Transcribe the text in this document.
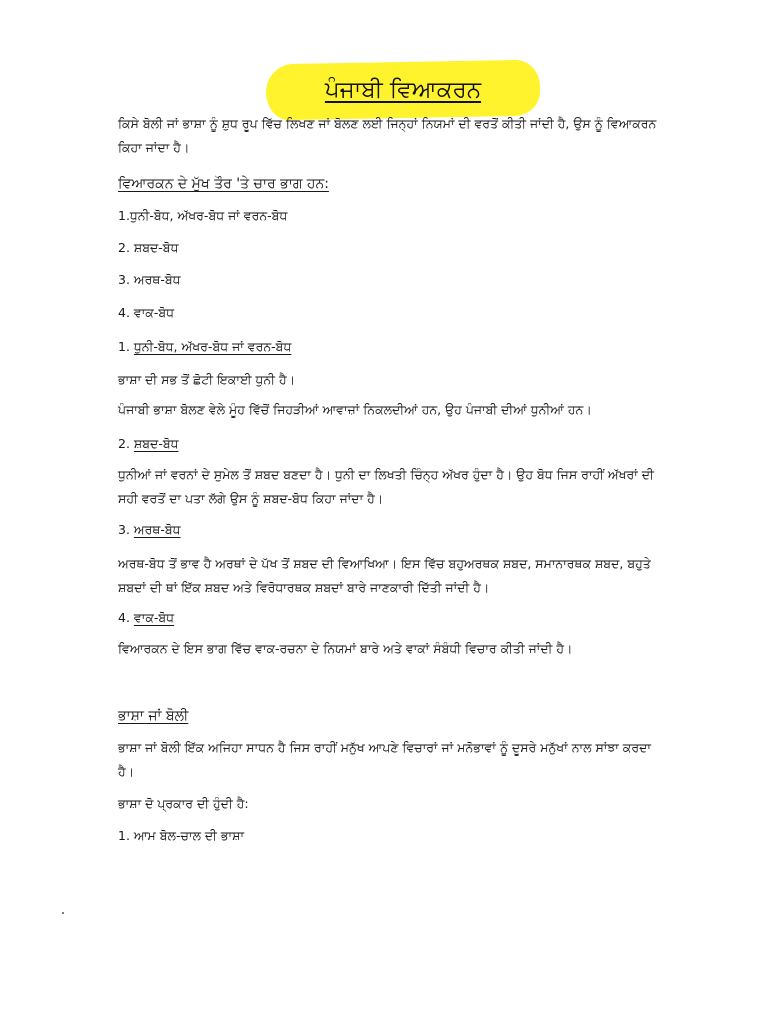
ਪੰਜਾਬੀ ਵਿਆਕਰਨ
ਕਿਸੇ ਬੋਲੀ ਜਾਂ ਭਾਸ਼ਾ ਨੂੰ ਸ਼ੁਧ ਰੂਪ ਵਿੱਚ ਲਿਖਣ ਜਾਂ ਬੋਲਣ ਲਈ ਜਿਨ੍ਹਾਂ ਨਿਯਮਾਂ ਦੀ ਵਰਤੋਂ ਕੀਤੀ ਜਾਂਦੀ ਹੈ, ਉਸ ਨੂੰ ਵਿਆਕਰਨ ਕਿਹਾ ਜਾਂਦਾ ਹੈ।
ਵਿਆਰਕਨ ਦੇ ਮੁੱਖ ਤੌਰ 'ਤੇ ਚਾਰ ਭਾਗ ਹਨ:
1.ਧੁਨੀ-ਬੋਧ, ਅੱਖਰ-ਬੋਧ ਜਾਂ ਵਰਨ-ਬੋਧ
2. ਸ਼ਬਦ-ਬੋਧ
3. ਅਰਥ-ਬੋਧ
4. ਵਾਕ-ਬੋਧ
1. ਧੁਨੀ-ਬੋਧ, ਅੱਖਰ-ਬੋਧ ਜਾਂ ਵਰਨ-ਬੋਧ
ਭਾਸ਼ਾ ਦੀ ਸਭ ਤੋਂ ਛੋਟੀ ਇਕਾਈ ਧੁਨੀ ਹੈ।
ਪੰਜਾਬੀ ਭਾਸ਼ਾ ਬੋਲਣ ਵੇਲੇ ਮੂੰਹ ਵਿੱਚੋਂ ਜਿਹੜੀਆਂ ਆਵਾਜ਼ਾਂ ਨਿਕਲਦੀਆਂ ਹਨ, ਉਹ ਪੰਜਾਬੀ ਦੀਆਂ ਧੁਨੀਆਂ ਹਨ।
2. ਸ਼ਬਦ-ਬੋਧ
ਧੁਨੀਆਂ ਜਾਂ ਵਰਨਾਂ ਦੇ ਸੁਮੇਲ ਤੋਂ ਸ਼ਬਦ ਬਣਦਾ ਹੈ। ਧੁਨੀ ਦਾ ਲਿਖਤੀ ਚਿੰਨ੍ਹ ਅੱਖਰ ਹੁੰਦਾ ਹੈ। ਉਹ ਬੋਧ ਜਿਸ ਰਾਹੀਂ ਅੱਖਰਾਂ ਦੀ ਸਹੀ ਵਰਤੋਂ ਦਾ ਪਤਾ ਲੱਗੇ ਉਸ ਨੂੰ ਸ਼ਬਦ-ਬੋਧ ਕਿਹਾ ਜਾਂਦਾ ਹੈ।
3. ਅਰਥ-ਬੋਧ
ਅਰਥ-ਬੋਧ ਤੋਂ ਭਾਵ ਹੈ ਅਰਥਾਂ ਦੇ ਪੱਖ ਤੋਂ ਸ਼ਬਦ ਦੀ ਵਿਆਖਿਆ। ਇਸ ਵਿੱਚ ਬਹੁਅਰਥਕ ਸ਼ਬਦ, ਸਮਾਨਾਰਥਕ ਸ਼ਬਦ, ਬਹੁਤੇ ਸ਼ਬਦਾਂ ਦੀ ਥਾਂ ਇੱਕ ਸ਼ਬਦ ਅਤੇ ਵਿਰੋਧਾਰਥਕ ਸ਼ਬਦਾਂ ਬਾਰੇ ਜਾਣਕਾਰੀ ਦਿੱਤੀ ਜਾਂਦੀ ਹੈ।
4. ਵਾਕ-ਬੋਧ
ਵਿਆਰਕਨ ਦੇ ਇਸ ਭਾਗ ਵਿੱਚ ਵਾਕ-ਰਚਨਾ ਦੇ ਨਿਯਮਾਂ ਬਾਰੇ ਅਤੇ ਵਾਕਾਂ ਸੰਬੰਧੀ ਵਿਚਾਰ ਕੀਤੀ ਜਾਂਦੀ ਹੈ।
ਭਾਸ਼ਾ ਜਾਂ ਬੋਲੀ
ਭਾਸ਼ਾ ਜਾਂ ਬੋਲੀ ਇੱਕ ਅਜਿਹਾ ਸਾਧਨ ਹੈ ਜਿਸ ਰਾਹੀਂ ਮਨੁੱਖ ਆਪਣੇ ਵਿਚਾਰਾਂ ਜਾਂ ਮਨੋਭਾਵਾਂ ਨੂੰ ਦੂਸਰੇ ਮਨੁੱਖਾਂ ਨਾਲ ਸਾਂਝਾ ਕਰਦਾ ਹੈ।
ਭਾਸ਼ਾ ਦੋ ਪ੍ਰਕਾਰ ਦੀ ਹੁੰਦੀ ਹੈ:
1. ਆਮ ਬੋਲ-ਚਾਲ ਦੀ ਭਾਸ਼ਾ
